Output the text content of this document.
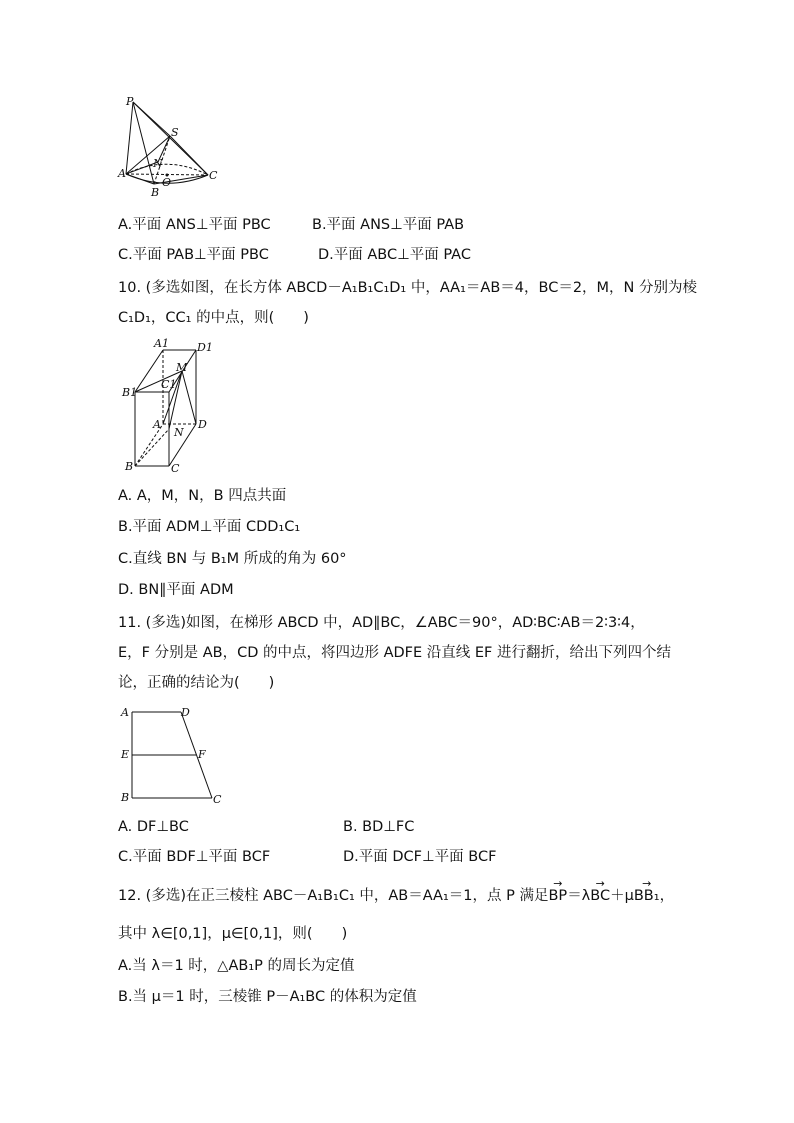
P
S
A
N
O
C
B
A.平面 ANS⊥平面 PBC	B.平面 ANS⊥平面 PAB
C.平面 PAB⊥平面 PBC	D.平面 ABC⊥平面 PAC
10. (多选如图，在长方体 ABCD－A₁B₁C₁D₁ 中，AA₁＝AB＝4，BC＝2，M，N 分别为棱
C₁D₁，CC₁ 的中点，则(　　)
A1	D1
M
B1
C1
A
N
D
B	C
A. A，M，N，B 四点共面
B.平面 ADM⊥平面 CDD₁C₁
C.直线 BN 与 B₁M 所成的角为 60°
D. BN∥平面 ADM
11. (多选)如图，在梯形 ABCD 中，AD∥BC，∠ABC＝90°，AD∶BC∶AB＝2∶3∶4，
E，F 分别是 AB，CD 的中点，将四边形 ADFE 沿直线 EF 进行翻折，给出下列四个结
论，正确的结论为(　　)
A	D
E	F
B	C
A. DF⊥BC	B. BD⊥FC
C.平面 BDF⊥平面 BCF	D.平面 DCF⊥平面 BCF
12. (多选)在正三棱柱 ABC－A₁B₁C₁ 中，AB＝AA₁＝1，点 P 满足→ BP＝λ→ BC＋μ→ BB₁，
其中 λ∈[0,1]，μ∈[0,1]，则(　　)
A.当 λ＝1 时，△AB₁P 的周长为定值
B.当 μ＝1 时，三棱锥 P－A₁BC 的体积为定值
